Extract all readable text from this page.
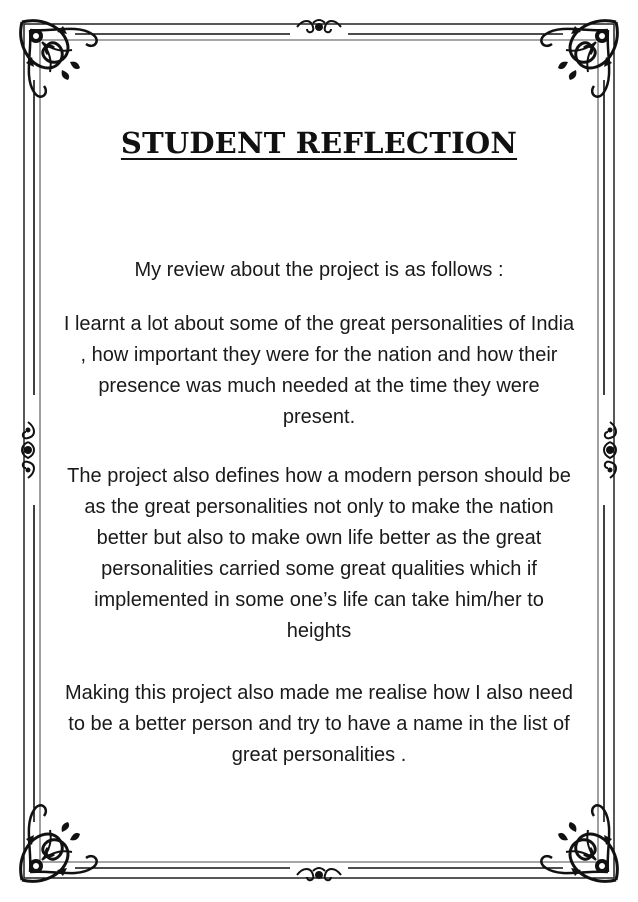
STUDENT REFLECTION
My review about the project is as follows :
I learnt a lot about some of the great personalities of India , how important they were for the nation and how their presence was much needed at the time they were present.
The project also defines how a modern person should be as the great personalities not only to make the nation better but also to make own life better as the great personalities carried some great qualities which if implemented in some one’s life can take him/her to heights
Making this project also made me realise how I also need to be a better person and try to have a name in the list of great personalities .
